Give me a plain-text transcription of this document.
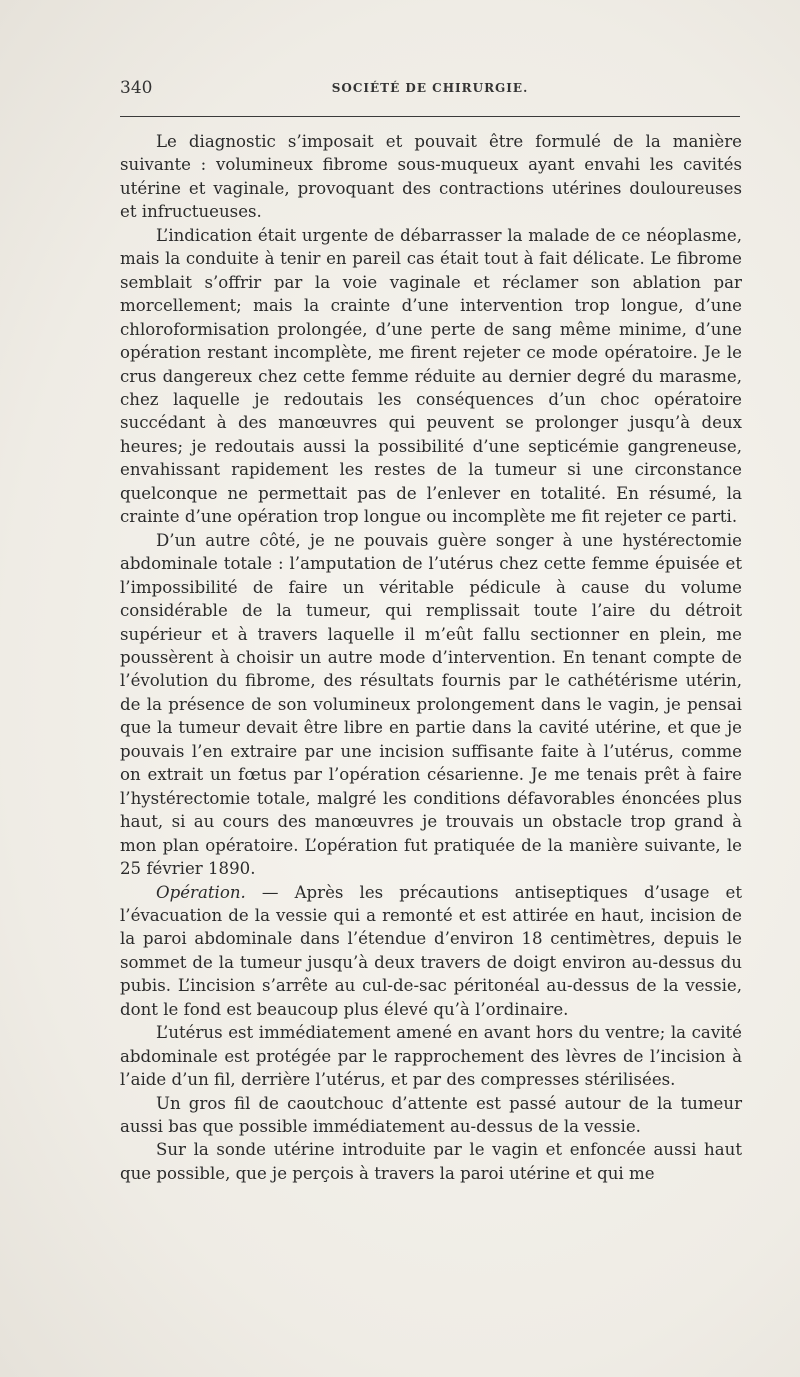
340	SOCIÉTÉ DE CHIRURGIE.

Le diagnostic s’imposait et pouvait être formulé de la manière suivante : volumineux fibrome sous-muqueux ayant envahi les cavités utérine et vaginale, provoquant des contractions utérines douloureuses et infructueuses.

L’indication était urgente de débarrasser la malade de ce néoplasme, mais la conduite à tenir en pareil cas était tout à fait délicate. Le fibrome semblait s’offrir par la voie vaginale et réclamer son ablation par morcellement; mais la crainte d’une intervention trop longue, d’une chloroformisation prolongée, d’une perte de sang même minime, d’une opération restant incomplète, me firent rejeter ce mode opératoire. Je le crus dangereux chez cette femme réduite au dernier degré du marasme, chez laquelle je redoutais les conséquences d’un choc opératoire succédant à des manœuvres qui peuvent se prolonger jusqu’à deux heures; je redoutais aussi la possibilité d’une septicémie gangreneuse, envahissant rapidement les restes de la tumeur si une circonstance quelconque ne permettait pas de l’enlever en totalité. En résumé, la crainte d’une opération trop longue ou incomplète me fit rejeter ce parti.

D’un autre côté, je ne pouvais guère songer à une hystérectomie abdominale totale : l’amputation de l’utérus chez cette femme épuisée et l’impossibilité de faire un véritable pédicule à cause du volume considérable de la tumeur, qui remplissait toute l’aire du détroit supérieur et à travers laquelle il m’eût fallu sectionner en plein, me poussèrent à choisir un autre mode d’intervention. En tenant compte de l’évolution du fibrome, des résultats fournis par le cathétérisme utérin, de la présence de son volumineux prolongement dans le vagin, je pensai que la tumeur devait être libre en partie dans la cavité utérine, et que je pouvais l’en extraire par une incision suffisante faite à l’utérus, comme on extrait un fœtus par l’opération césarienne. Je me tenais prêt à faire l’hystérectomie totale, malgré les conditions défavorables énoncées plus haut, si au cours des manœuvres je trouvais un obstacle trop grand à mon plan opératoire. L’opération fut pratiquée de la manière suivante, le 25 février 1890.

Opération. — Après les précautions antiseptiques d’usage et l’évacuation de la vessie qui a remonté et est attirée en haut, incision de la paroi abdominale dans l’étendue d’environ 18 centimètres, depuis le sommet de la tumeur jusqu’à deux travers de doigt environ au-dessus du pubis. L’incision s’arrête au cul-de-sac péritonéal au-dessus de la vessie, dont le fond est beaucoup plus élevé qu’à l’ordinaire.

L’utérus est immédiatement amené en avant hors du ventre; la cavité abdominale est protégée par le rapprochement des lèvres de l’incision à l’aide d’un fil, derrière l’utérus, et par des compresses stérilisées.

Un gros fil de caoutchouc d’attente est passé autour de la tumeur aussi bas que possible immédiatement au-dessus de la vessie.

Sur la sonde utérine introduite par le vagin et enfoncée aussi haut que possible, que je perçois à travers la paroi utérine et qui me
